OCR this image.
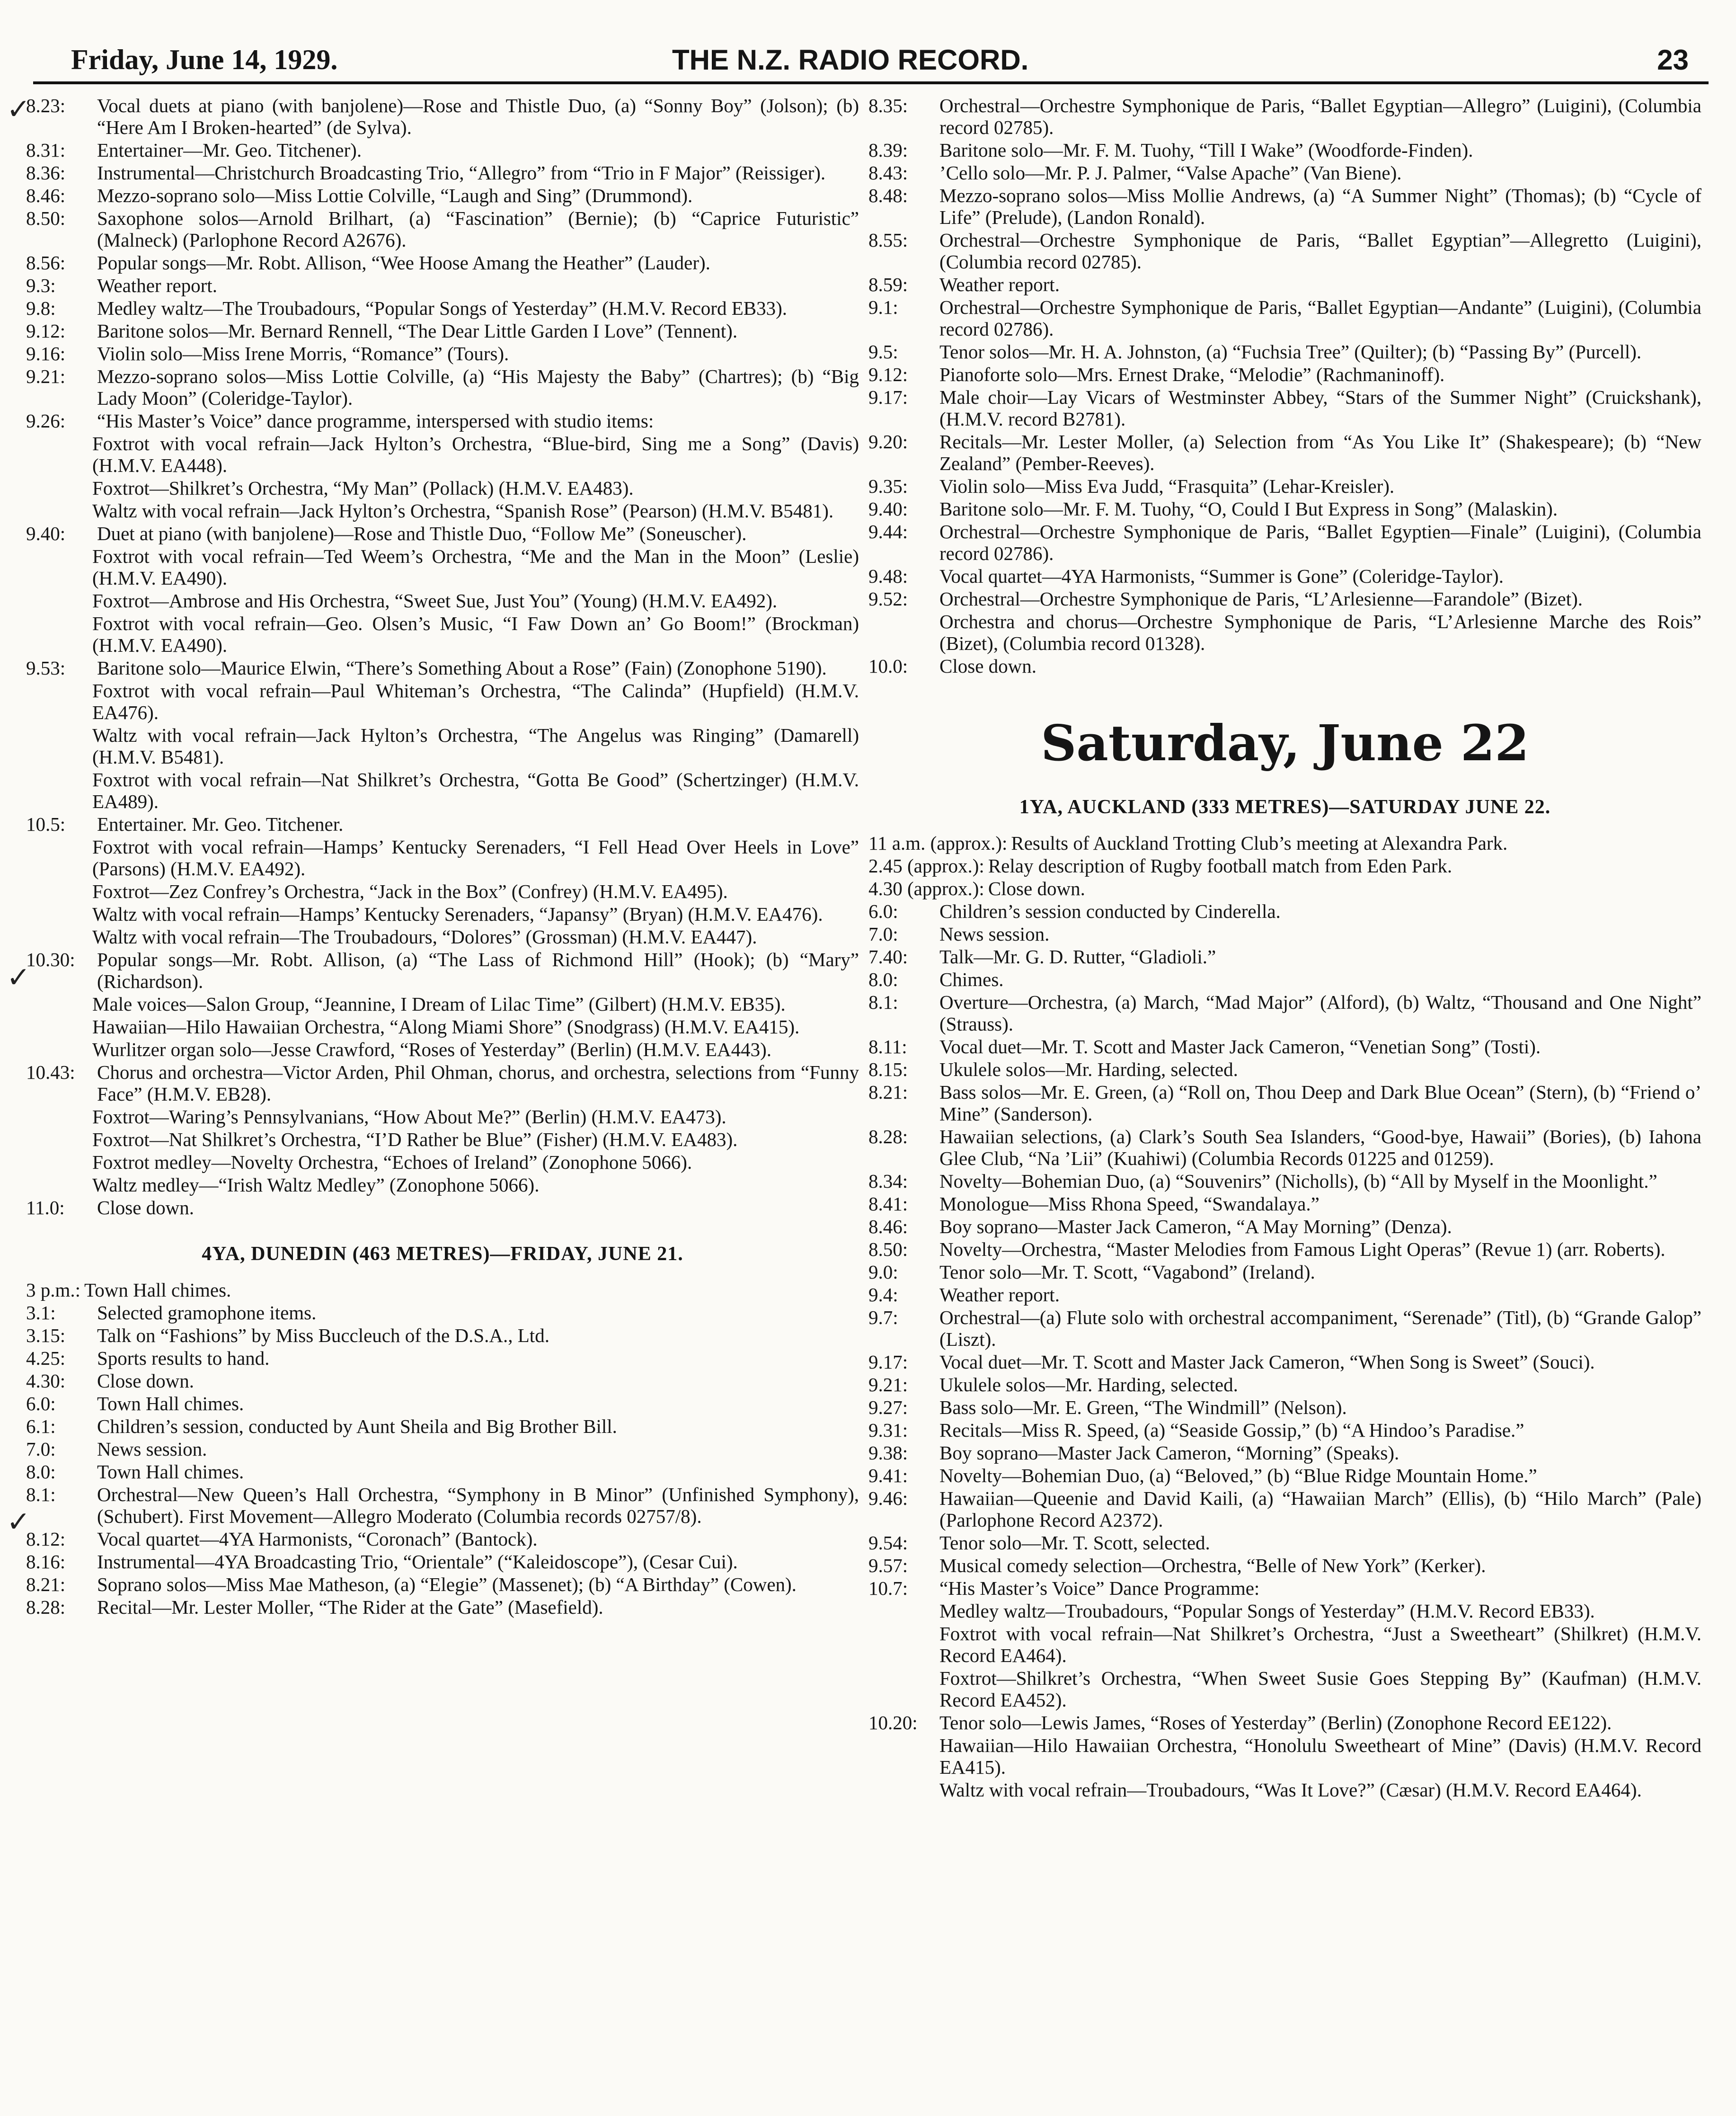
Friday, June 14, 1929.	THE N.Z. RADIO RECORD.	23
8.23:	Vocal duets at piano (with banjolene)—Rose and Thistle Duo, (a) “Sonny Boy” (Jolson); (b) “Here Am I Broken-hearted” (de Sylva).
8.31:	Entertainer—Mr. Geo. Titchener).
8.36:	Instrumental—Christchurch Broadcasting Trio, “Allegro” from “Trio in F Major” (Reissiger).
8.46:	Mezzo-soprano solo—Miss Lottie Colville, “Laugh and Sing” (Drummond).
8.50:	Saxophone solos—Arnold Brilhart, (a) “Fascination” (Bernie); (b) “Caprice Futuristic” (Malneck) (Parlophone Record A2676).
8.56:	Popular songs—Mr. Robt. Allison, “Wee Hoose Amang the Heather” (Lauder).
9.3:	Weather report.
9.8:	Medley waltz—The Troubadours, “Popular Songs of Yesterday” (H.M.V. Record EB33).
9.12:	Baritone solos—Mr. Bernard Rennell, “The Dear Little Garden I Love” (Tennent).
9.16:	Violin solo—Miss Irene Morris, “Romance” (Tours).
9.21:	Mezzo-soprano solos—Miss Lottie Colville, (a) “His Majesty the Baby” (Chartres); (b) “Big Lady Moon” (Coleridge-Taylor).
9.26:	“His Master’s Voice” dance programme, interspersed with studio items:
Foxtrot with vocal refrain—Jack Hylton’s Orchestra, “Blue-bird, Sing me a Song” (Davis) (H.M.V. EA448).
Foxtrot—Shilkret’s Orchestra, “My Man” (Pollack) (H.M.V. EA483).
Waltz with vocal refrain—Jack Hylton’s Orchestra, “Spanish Rose” (Pearson) (H.M.V. B5481).
9.40:	Duet at piano (with banjolene)—Rose and Thistle Duo, “Follow Me” (Soneuscher).
Foxtrot with vocal refrain—Ted Weem’s Orchestra, “Me and the Man in the Moon” (Leslie) (H.M.V. EA490).
Foxtrot—Ambrose and His Orchestra, “Sweet Sue, Just You” (Young) (H.M.V. EA492).
Foxtrot with vocal refrain—Geo. Olsen’s Music, “I Faw Down an’ Go Boom!” (Brockman) (H.M.V. EA490).
9.53:	Baritone solo—Maurice Elwin, “There’s Something About a Rose” (Fain) (Zonophone 5190).
Foxtrot with vocal refrain—Paul Whiteman’s Orchestra, “The Calinda” (Hupfield) (H.M.V. EA476).
Waltz with vocal refrain—Jack Hylton’s Orchestra, “The Angelus was Ringing” (Damarell) (H.M.V. B5481).
Foxtrot with vocal refrain—Nat Shilkret’s Orchestra, “Gotta Be Good” (Schertzinger) (H.M.V. EA489).
10.5:	Entertainer. Mr. Geo. Titchener.
Foxtrot with vocal refrain—Hamps’ Kentucky Serenaders, “I Fell Head Over Heels in Love” (Parsons) (H.M.V. EA492).
Foxtrot—Zez Confrey’s Orchestra, “Jack in the Box” (Confrey) (H.M.V. EA495).
Waltz with vocal refrain—Hamps’ Kentucky Serenaders, “Japansy” (Bryan) (H.M.V. EA476).
Waltz with vocal refrain—The Troubadours, “Dolores” (Grossman) (H.M.V. EA447).
10.30:	Popular songs—Mr. Robt. Allison, (a) “The Lass of Richmond Hill” (Hook); (b) “Mary” (Richardson).
Male voices—Salon Group, “Jeannine, I Dream of Lilac Time” (Gilbert) (H.M.V. EB35).
Hawaiian—Hilo Hawaiian Orchestra, “Along Miami Shore” (Snodgrass) (H.M.V. EA415).
Wurlitzer organ solo—Jesse Crawford, “Roses of Yesterday” (Berlin) (H.M.V. EA443).
10.43:	Chorus and orchestra—Victor Arden, Phil Ohman, chorus, and orchestra, selections from “Funny Face” (H.M.V. EB28).
Foxtrot—Waring’s Pennsylvanians, “How About Me?” (Berlin) (H.M.V. EA473).
Foxtrot—Nat Shilkret’s Orchestra, “I’D Rather be Blue” (Fisher) (H.M.V. EA483).
Foxtrot medley—Novelty Orchestra, “Echoes of Ireland” (Zonophone 5066).
Waltz medley—“Irish Waltz Medley” (Zonophone 5066).
11.0:	Close down.
4YA, DUNEDIN (463 METRES)—FRIDAY, JUNE 21.
3 p.m.: Town Hall chimes.
3.1:	Selected gramophone items.
3.15:	Talk on “Fashions” by Miss Buccleuch of the D.S.A., Ltd.
4.25:	Sports results to hand.
4.30:	Close down.
6.0:	Town Hall chimes.
6.1:	Children’s session, conducted by Aunt Sheila and Big Brother Bill.
7.0:	News session.
8.0:	Town Hall chimes.
8.1:	Orchestral—New Queen’s Hall Orchestra, “Symphony in B Minor” (Unfinished Symphony), (Schubert). First Movement—Allegro Moderato (Columbia records 02757/8).
8.12:	Vocal quartet—4YA Harmonists, “Coronach” (Bantock).
8.16:	Instrumental—4YA Broadcasting Trio, “Orientale” (“Kaleidoscope”), (Cesar Cui).
8.21:	Soprano solos—Miss Mae Matheson, (a) “Elegie” (Massenet); (b) “A Birthday” (Cowen).
8.28:	Recital—Mr. Lester Moller, “The Rider at the Gate” (Masefield).
8.35:	Orchestral—Orchestre Symphonique de Paris, “Ballet Egyptian—Allegro” (Luigini), (Columbia record 02785).
8.39:	Baritone solo—Mr. F. M. Tuohy, “Till I Wake” (Woodforde-Finden).
8.43:	’Cello solo—Mr. P. J. Palmer, “Valse Apache” (Van Biene).
8.48:	Mezzo-soprano solos—Miss Mollie Andrews, (a) “A Summer Night” (Thomas); (b) “Cycle of Life” (Prelude), (Landon Ronald).
8.55:	Orchestral—Orchestre Symphonique de Paris, “Ballet Egyptian”—Allegretto (Luigini), (Columbia record 02785).
8.59:	Weather report.
9.1:	Orchestral—Orchestre Symphonique de Paris, “Ballet Egyptian—Andante” (Luigini), (Columbia record 02786).
9.5:	Tenor solos—Mr. H. A. Johnston, (a) “Fuchsia Tree” (Quilter); (b) “Passing By” (Purcell).
9.12:	Pianoforte solo—Mrs. Ernest Drake, “Melodie” (Rachmaninoff).
9.17:	Male choir—Lay Vicars of Westminster Abbey, “Stars of the Summer Night” (Cruickshank), (H.M.V. record B2781).
9.20:	Recitals—Mr. Lester Moller, (a) Selection from “As You Like It” (Shakespeare); (b) “New Zealand” (Pember-Reeves).
9.35:	Violin solo—Miss Eva Judd, “Frasquita” (Lehar-Kreisler).
9.40:	Baritone solo—Mr. F. M. Tuohy, “O, Could I But Express in Song” (Malaskin).
9.44:	Orchestral—Orchestre Symphonique de Paris, “Ballet Egyptien—Finale” (Luigini), (Columbia record 02786).
9.48:	Vocal quartet—4YA Harmonists, “Summer is Gone” (Coleridge-Taylor).
9.52:	Orchestral—Orchestre Symphonique de Paris, “L’Arlesienne—Farandole” (Bizet).
Orchestra and chorus—Orchestre Symphonique de Paris, “L’Arlesienne Marche des Rois” (Bizet), (Columbia record 01328).
10.0:	Close down.
Saturday, June 22
1YA, AUCKLAND (333 METRES)—SATURDAY JUNE 22.
11 a.m. (approx.): Results of Auckland Trotting Club’s meeting at Alexandra Park.
2.45 (approx.): Relay description of Rugby football match from Eden Park.
4.30 (approx.): Close down.
6.0:	Children’s session conducted by Cinderella.
7.0:	News session.
7.40:	Talk—Mr. G. D. Rutter, “Gladioli.”
8.0:	Chimes.
8.1:	Overture—Orchestra, (a) March, “Mad Major” (Alford), (b) Waltz, “Thousand and One Night” (Strauss).
8.11:	Vocal duet—Mr. T. Scott and Master Jack Cameron, “Venetian Song” (Tosti).
8.15:	Ukulele solos—Mr. Harding, selected.
8.21:	Bass solos—Mr. E. Green, (a) “Roll on, Thou Deep and Dark Blue Ocean” (Stern), (b) “Friend o’ Mine” (Sanderson).
8.28:	Hawaiian selections, (a) Clark’s South Sea Islanders, “Good-bye, Hawaii” (Bories), (b) Iahona Glee Club, “Na ’Lii” (Kuahiwi) (Columbia Records 01225 and 01259).
8.34:	Novelty—Bohemian Duo, (a) “Souvenirs” (Nicholls), (b) “All by Myself in the Moonlight.”
8.41:	Monologue—Miss Rhona Speed, “Swandalaya.”
8.46:	Boy soprano—Master Jack Cameron, “A May Morning” (Denza).
8.50:	Novelty—Orchestra, “Master Melodies from Famous Light Operas” (Revue 1) (arr. Roberts).
9.0:	Tenor solo—Mr. T. Scott, “Vagabond” (Ireland).
9.4:	Weather report.
9.7:	Orchestral—(a) Flute solo with orchestral accompaniment, “Serenade” (Titl), (b) “Grande Galop” (Liszt).
9.17:	Vocal duet—Mr. T. Scott and Master Jack Cameron, “When Song is Sweet” (Souci).
9.21:	Ukulele solos—Mr. Harding, selected.
9.27:	Bass solo—Mr. E. Green, “The Windmill” (Nelson).
9.31:	Recitals—Miss R. Speed, (a) “Seaside Gossip,” (b) “A Hindoo’s Paradise.”
9.38:	Boy soprano—Master Jack Cameron, “Morning” (Speaks).
9.41:	Novelty—Bohemian Duo, (a) “Beloved,” (b) “Blue Ridge Mountain Home.”
9.46:	Hawaiian—Queenie and David Kaili, (a) “Hawaiian March” (Ellis), (b) “Hilo March” (Pale) (Parlophone Record A2372).
9.54:	Tenor solo—Mr. T. Scott, selected.
9.57:	Musical comedy selection—Orchestra, “Belle of New York” (Kerker).
10.7:	“His Master’s Voice” Dance Programme:
Medley waltz—Troubadours, “Popular Songs of Yesterday” (H.M.V. Record EB33).
Foxtrot with vocal refrain—Nat Shilkret’s Orchestra, “Just a Sweetheart” (Shilkret) (H.M.V. Record EA464).
Foxtrot—Shilkret’s Orchestra, “When Sweet Susie Goes Stepping By” (Kaufman) (H.M.V. Record EA452).
10.20:	Tenor solo—Lewis James, “Roses of Yesterday” (Berlin) (Zonophone Record EE122).
Hawaiian—Hilo Hawaiian Orchestra, “Honolulu Sweetheart of Mine” (Davis) (H.M.V. Record EA415).
Waltz with vocal refrain—Troubadours, “Was It Love?” (Cæsar) (H.M.V. Record EA464).
✓
✓
✓
